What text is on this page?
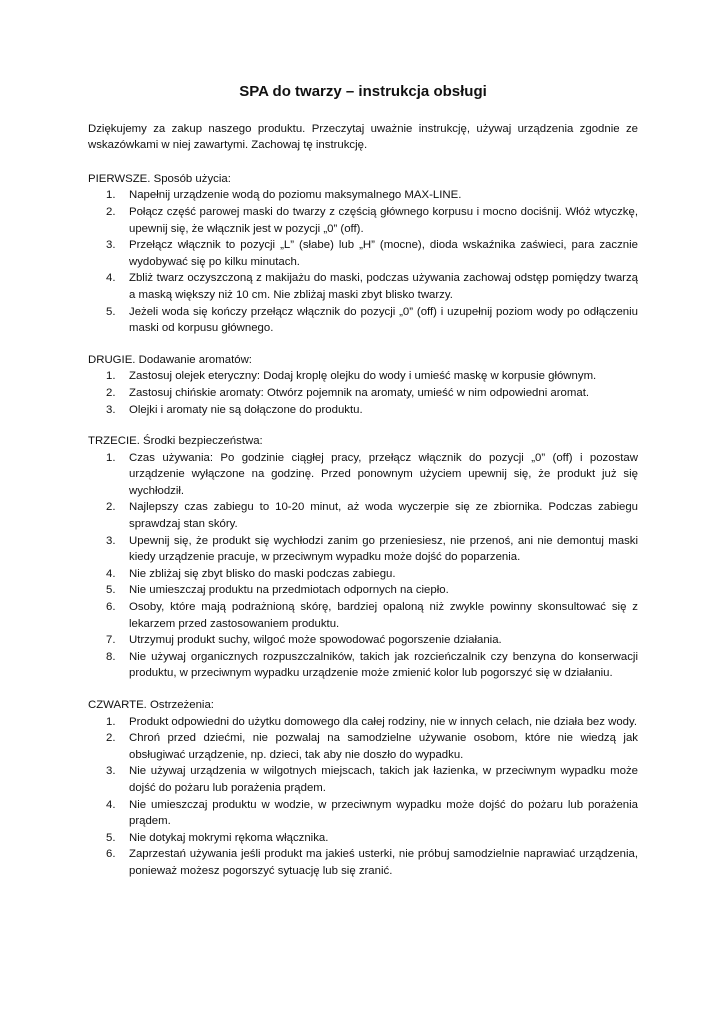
SPA do twarzy – instrukcja obsługi
Dziękujemy za zakup naszego produktu. Przeczytaj uważnie instrukcję, używaj urządzenia zgodnie ze wskazówkami w niej zawartymi. Zachowaj tę instrukcję.
PIERWSZE. Sposób użycia:
1. Napełnij urządzenie wodą do poziomu maksymalnego MAX-LINE.
2. Połącz część parowej maski do twarzy z częścią głównego korpusu i mocno dociśnij. Włóż wtyczkę, upewnij się, że włącznik jest w pozycji „0” (off).
3. Przełącz włącznik to pozycji „L” (słabe) lub „H” (mocne), dioda wskaźnika zaświeci, para zacznie wydobywać się po kilku minutach.
4. Zbliż twarz oczyszczoną z makijażu do maski, podczas używania zachowaj odstęp pomiędzy twarzą a maską większy niż 10 cm. Nie zbliżaj maski zbyt blisko twarzy.
5. Jeżeli woda się kończy przełącz włącznik do pozycji „0” (off) i uzupełnij poziom wody po odłączeniu maski od korpusu głównego.
DRUGIE. Dodawanie aromatów:
1. Zastosuj olejek eteryczny: Dodaj kroplę olejku do wody i umieść maskę w korpusie głównym.
2. Zastosuj chińskie aromaty: Otwórz pojemnik na aromaty, umieść w nim odpowiedni aromat.
3. Olejki i aromaty nie są dołączone do produktu.
TRZECIE. Środki bezpieczeństwa:
1. Czas używania: Po godzinie ciągłej pracy, przełącz włącznik do pozycji „0” (off) i pozostaw urządzenie wyłączone na godzinę. Przed ponownym użyciem upewnij się, że produkt już się wychłodził.
2. Najlepszy czas zabiegu to 10-20 minut, aż woda wyczerpie się ze zbiornika. Podczas zabiegu sprawdzaj stan skóry.
3. Upewnij się, że produkt się wychłodzi zanim go przeniesiesz, nie przenoś, ani nie demontuj maski kiedy urządzenie pracuje, w przeciwnym wypadku może dojść do poparzenia.
4. Nie zbliżaj się zbyt blisko do maski podczas zabiegu.
5. Nie umieszczaj produktu na przedmiotach odpornych na ciepło.
6. Osoby, które mają podrażnioną skórę, bardziej opaloną niż zwykle powinny skonsultować się z lekarzem przed zastosowaniem produktu.
7. Utrzymuj produkt suchy, wilgoć może spowodować pogorszenie działania.
8. Nie używaj organicznych rozpuszczalników, takich jak rozcieńczalnik czy benzyna do konserwacji produktu, w przeciwnym wypadku urządzenie może zmienić kolor lub pogorszyć się w działaniu.
CZWARTE. Ostrzeżenia:
1. Produkt odpowiedni do użytku domowego dla całej rodziny, nie w innych celach, nie działa bez wody.
2. Chroń przed dziećmi, nie pozwalaj na samodzielne używanie osobom, które nie wiedzą jak obsługiwać urządzenie, np. dzieci, tak aby nie doszło do wypadku.
3. Nie używaj urządzenia w wilgotnych miejscach, takich jak łazienka, w przeciwnym wypadku może dojść do pożaru lub porażenia prądem.
4. Nie umieszczaj produktu w wodzie, w przeciwnym wypadku może dojść do pożaru lub porażenia prądem.
5. Nie dotykaj mokrymi rękoma włącznika.
6. Zaprzestań używania jeśli produkt ma jakieś usterki, nie próbuj samodzielnie naprawiać urządzenia, ponieważ możesz pogorszyć sytuację lub się zranić.
